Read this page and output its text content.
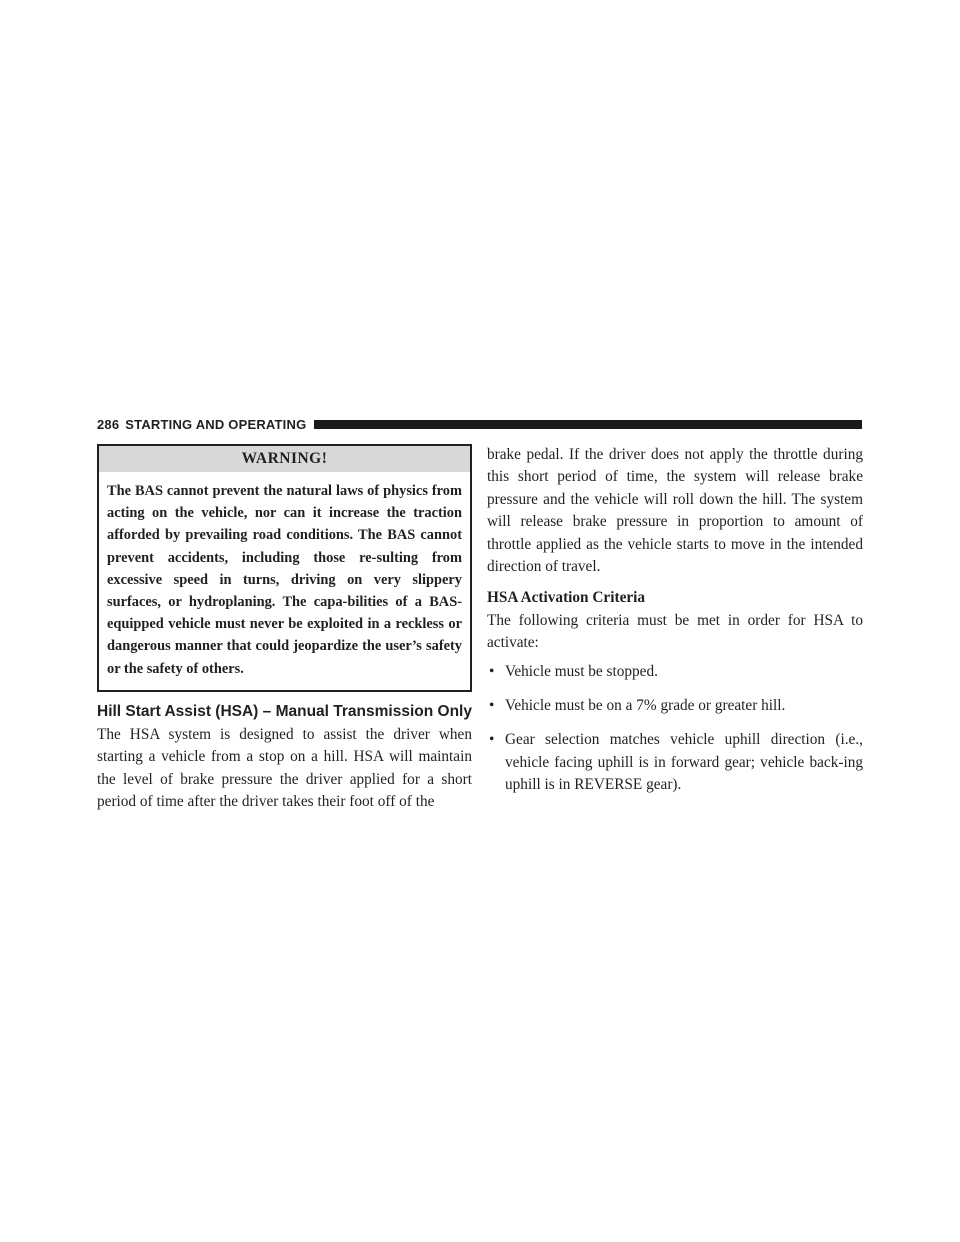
286 STARTING AND OPERATING
WARNING!
The BAS cannot prevent the natural laws of physics from acting on the vehicle, nor can it increase the traction afforded by prevailing road conditions. The BAS cannot prevent accidents, including those re-sulting from excessive speed in turns, driving on very slippery surfaces, or hydroplaning. The capa-bilities of a BAS-equipped vehicle must never be exploited in a reckless or dangerous manner that could jeopardize the user’s safety or the safety of others.
Hill Start Assist (HSA) – Manual Transmission Only

The HSA system is designed to assist the driver when starting a vehicle from a stop on a hill. HSA will maintain the level of brake pressure the driver applied for a short period of time after the driver takes their foot off of the

brake pedal. If the driver does not apply the throttle during this short period of time, the system will release brake pressure and the vehicle will roll down the hill. The system will release brake pressure in proportion to amount of throttle applied as the vehicle starts to move in the intended direction of travel.

HSA Activation Criteria

The following criteria must be met in order for HSA to activate:

• Vehicle must be stopped.
• Vehicle must be on a 7% grade or greater hill.
• Gear selection matches vehicle uphill direction (i.e., vehicle facing uphill is in forward gear; vehicle back-ing uphill is in REVERSE gear).
